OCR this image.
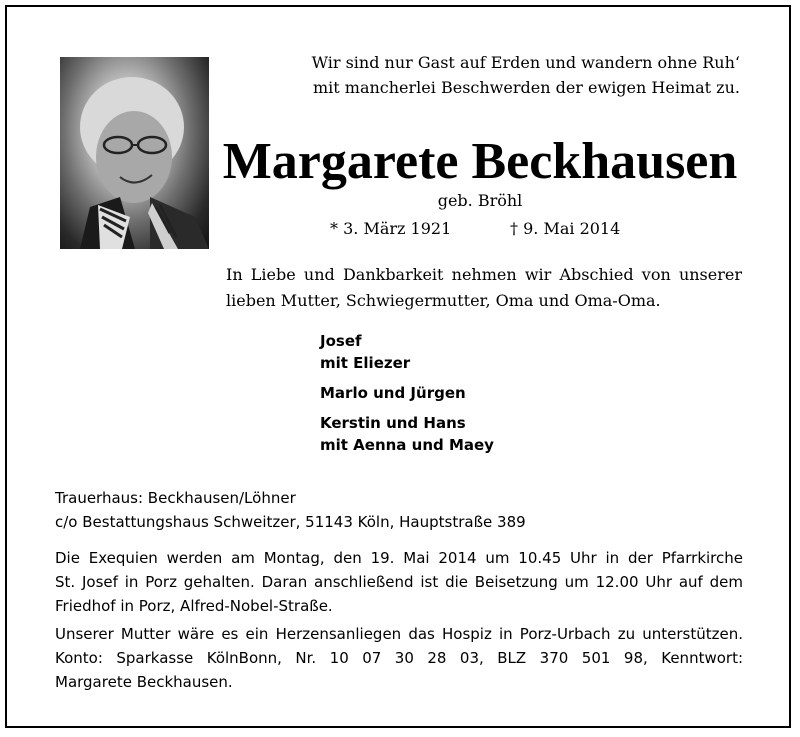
Wir sind nur Gast auf Erden und wandern ohne Ruh‘
mit mancherlei Beschwerden der ewigen Heimat zu.
Margarete Beckhausen
geb. Bröhl
* 3. März 1921	† 9. Mai 2014
In Liebe und Dankbarkeit nehmen wir Abschied von unserer
lieben Mutter, Schwiegermutter, Oma und Oma-Oma.
Josef
mit Eliezer
Marlo und Jürgen
Kerstin und Hans
mit Aenna und Maey
Trauerhaus: Beckhausen/Löhner
c/o Bestattungshaus Schweitzer, 51143 Köln, Hauptstraße 389
Die Exequien werden am Montag, den 19. Mai 2014 um 10.45 Uhr in der Pfarrkirche
St. Josef in Porz gehalten. Daran anschließend ist die Beisetzung um 12.00 Uhr auf dem
Friedhof in Porz, Alfred-Nobel-Straße.
Unserer Mutter wäre es ein Herzensanliegen das Hospiz in Porz-Urbach zu unterstützen.
Konto: Sparkasse KölnBonn, Nr. 10 07 30 28 03, BLZ 370 501 98, Kenntwort:
Margarete Beckhausen.
